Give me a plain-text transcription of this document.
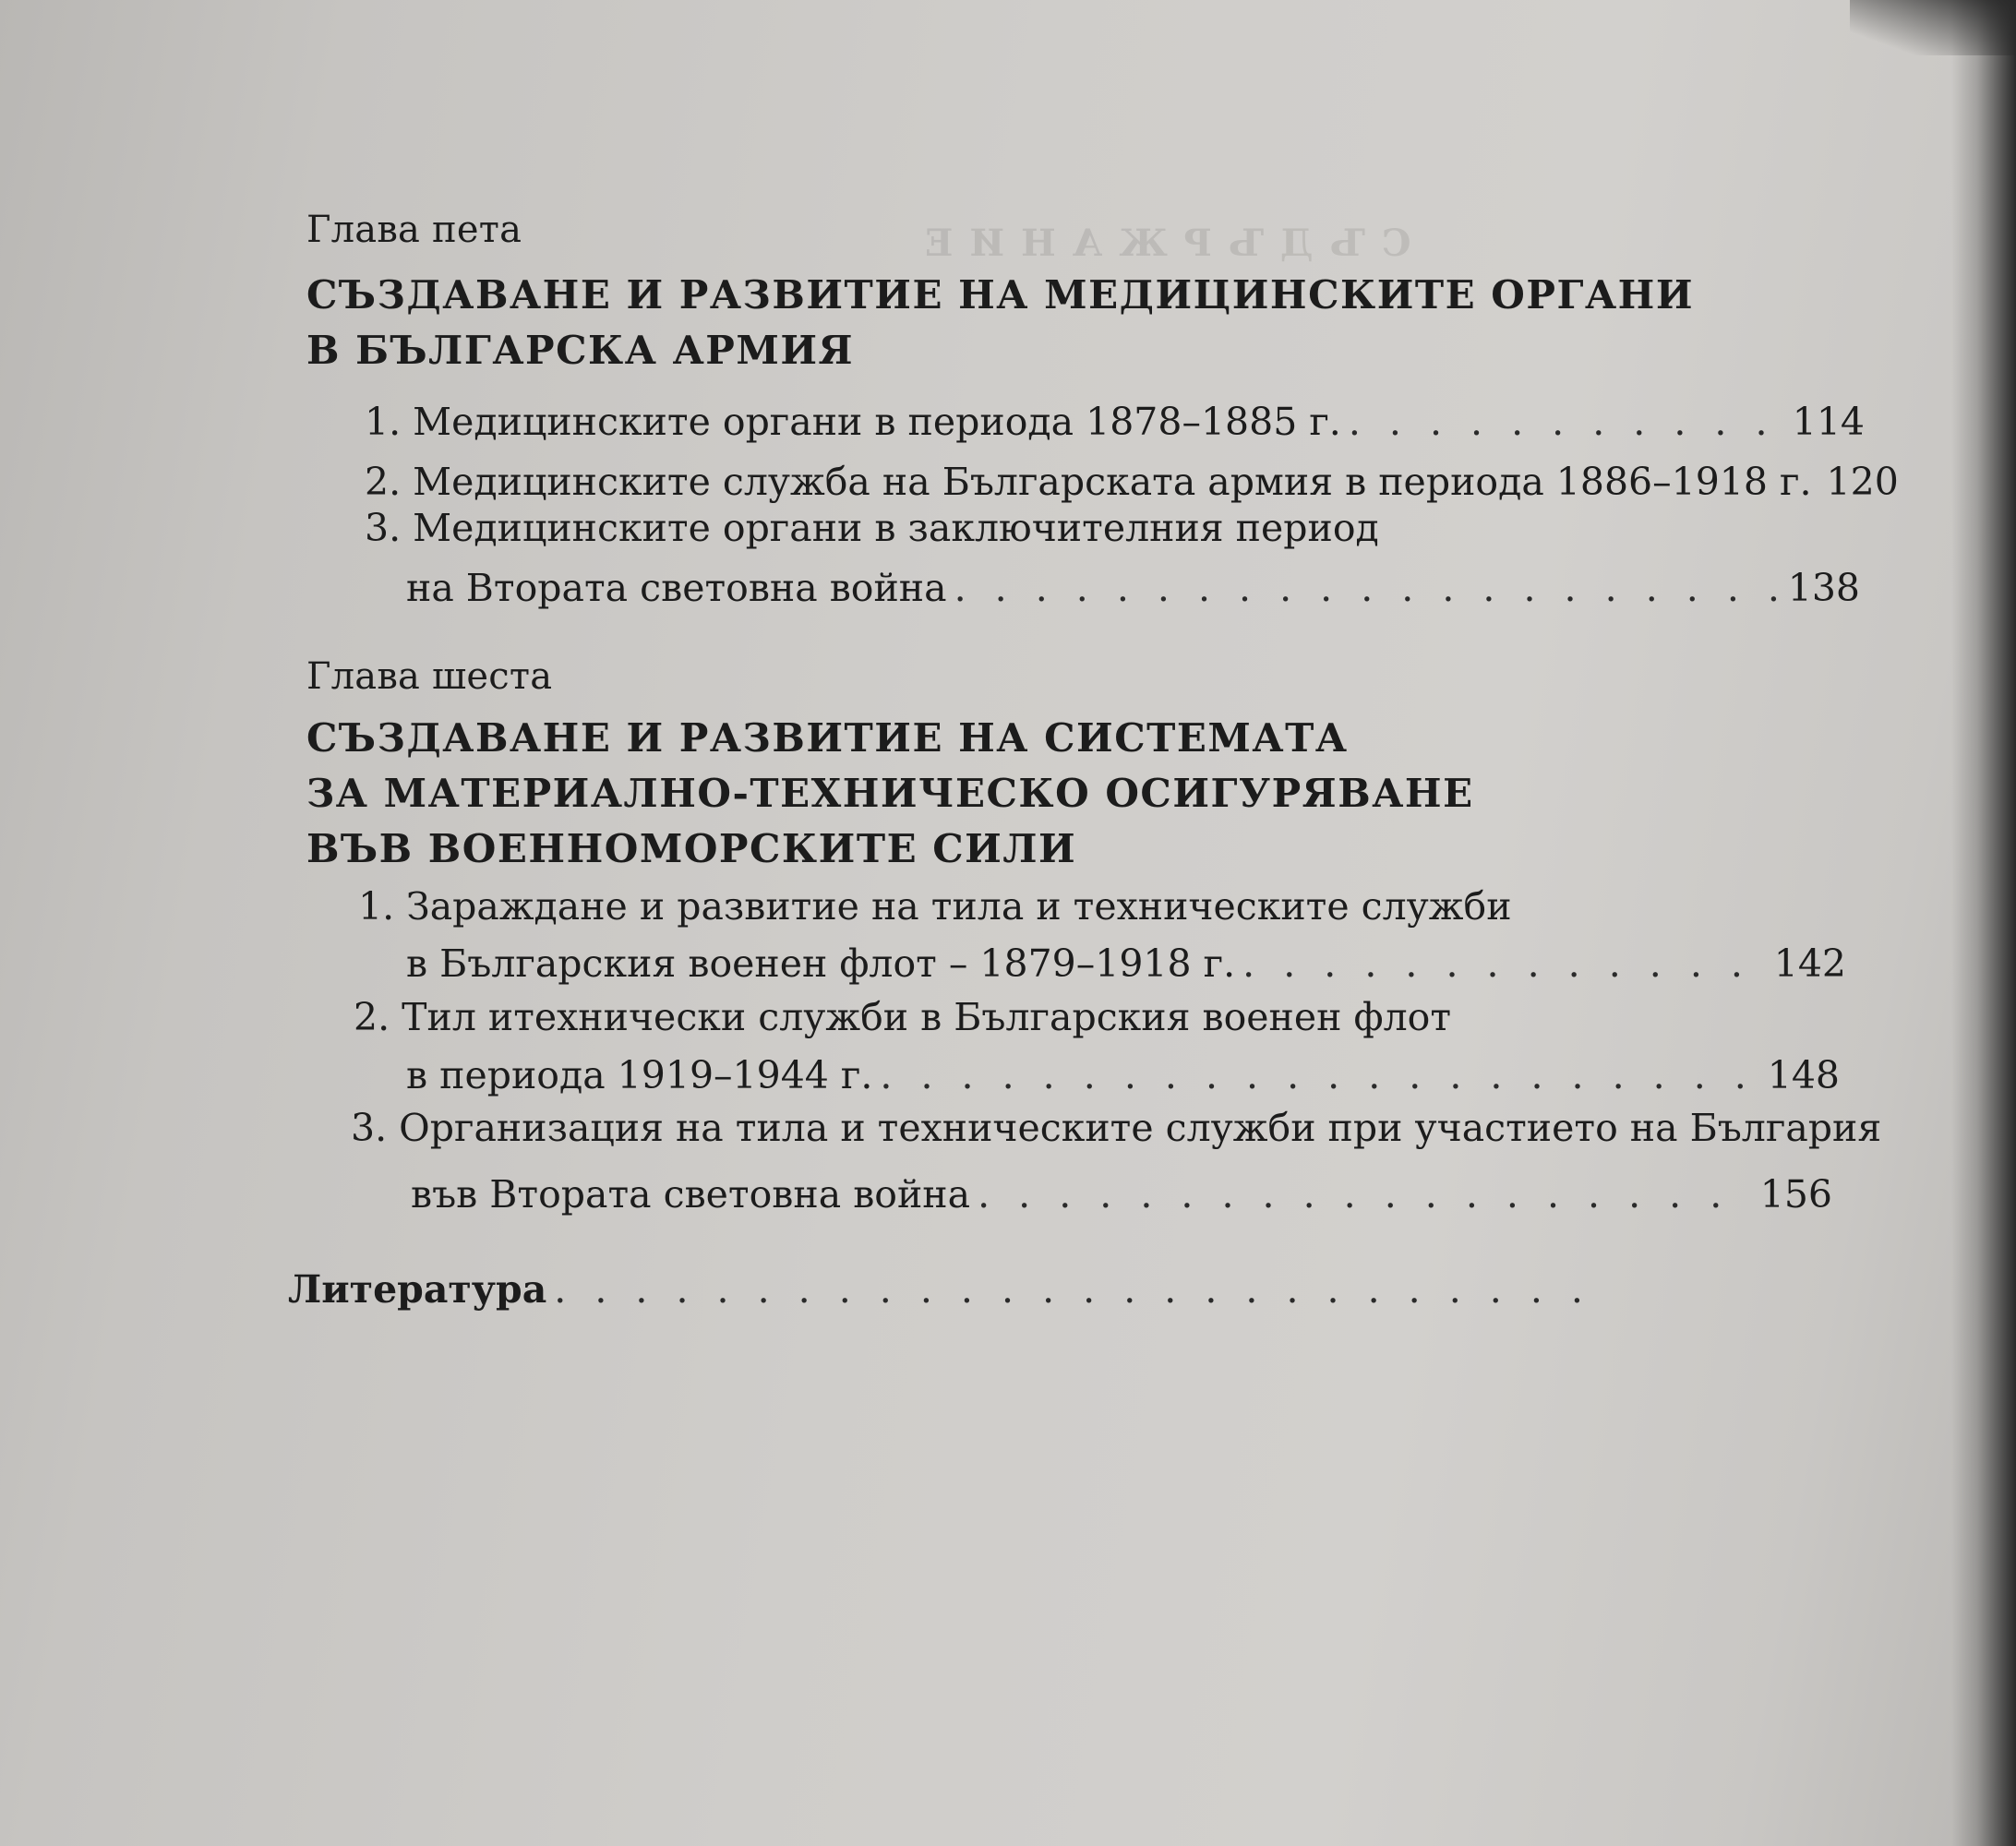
С Ъ Д Ъ Р Ж А Н И Е

Глава пета
СЪЗДАВАНЕ И РАЗВИТИЕ НА МЕДИЦИНСКИТЕ ОРГАНИ
В БЪЛГАРСКА АРМИЯ
1. Медицинските органи в периода 1878–1885 г. . . .	114
2. Медицинските служба на Българската армия в периода 1886–1918 г. 120
3. Медицинските органи в заключителния период
на Втората световна война . . .	138
Глава шеста
СЪЗДАВАНЕ И РАЗВИТИЕ НА СИСТЕМАТА
ЗА МАТЕРИАЛНО-ТЕХНИЧЕСКО ОСИГУРЯВАНЕ
ВЪВ ВОЕННОМОРСКИТЕ СИЛИ
1. Зараждане и развитие на тила и техническите служби
в Българския военен флот – 1879–1918 г. . . .	142
2. Тил итехнически служби в Българския военен флот
в периода 1919–1944 г. . . .	148
3. Организация на тила и техническите служби при участието на България
във Втората световна война . . .	156
Литература
. . .
